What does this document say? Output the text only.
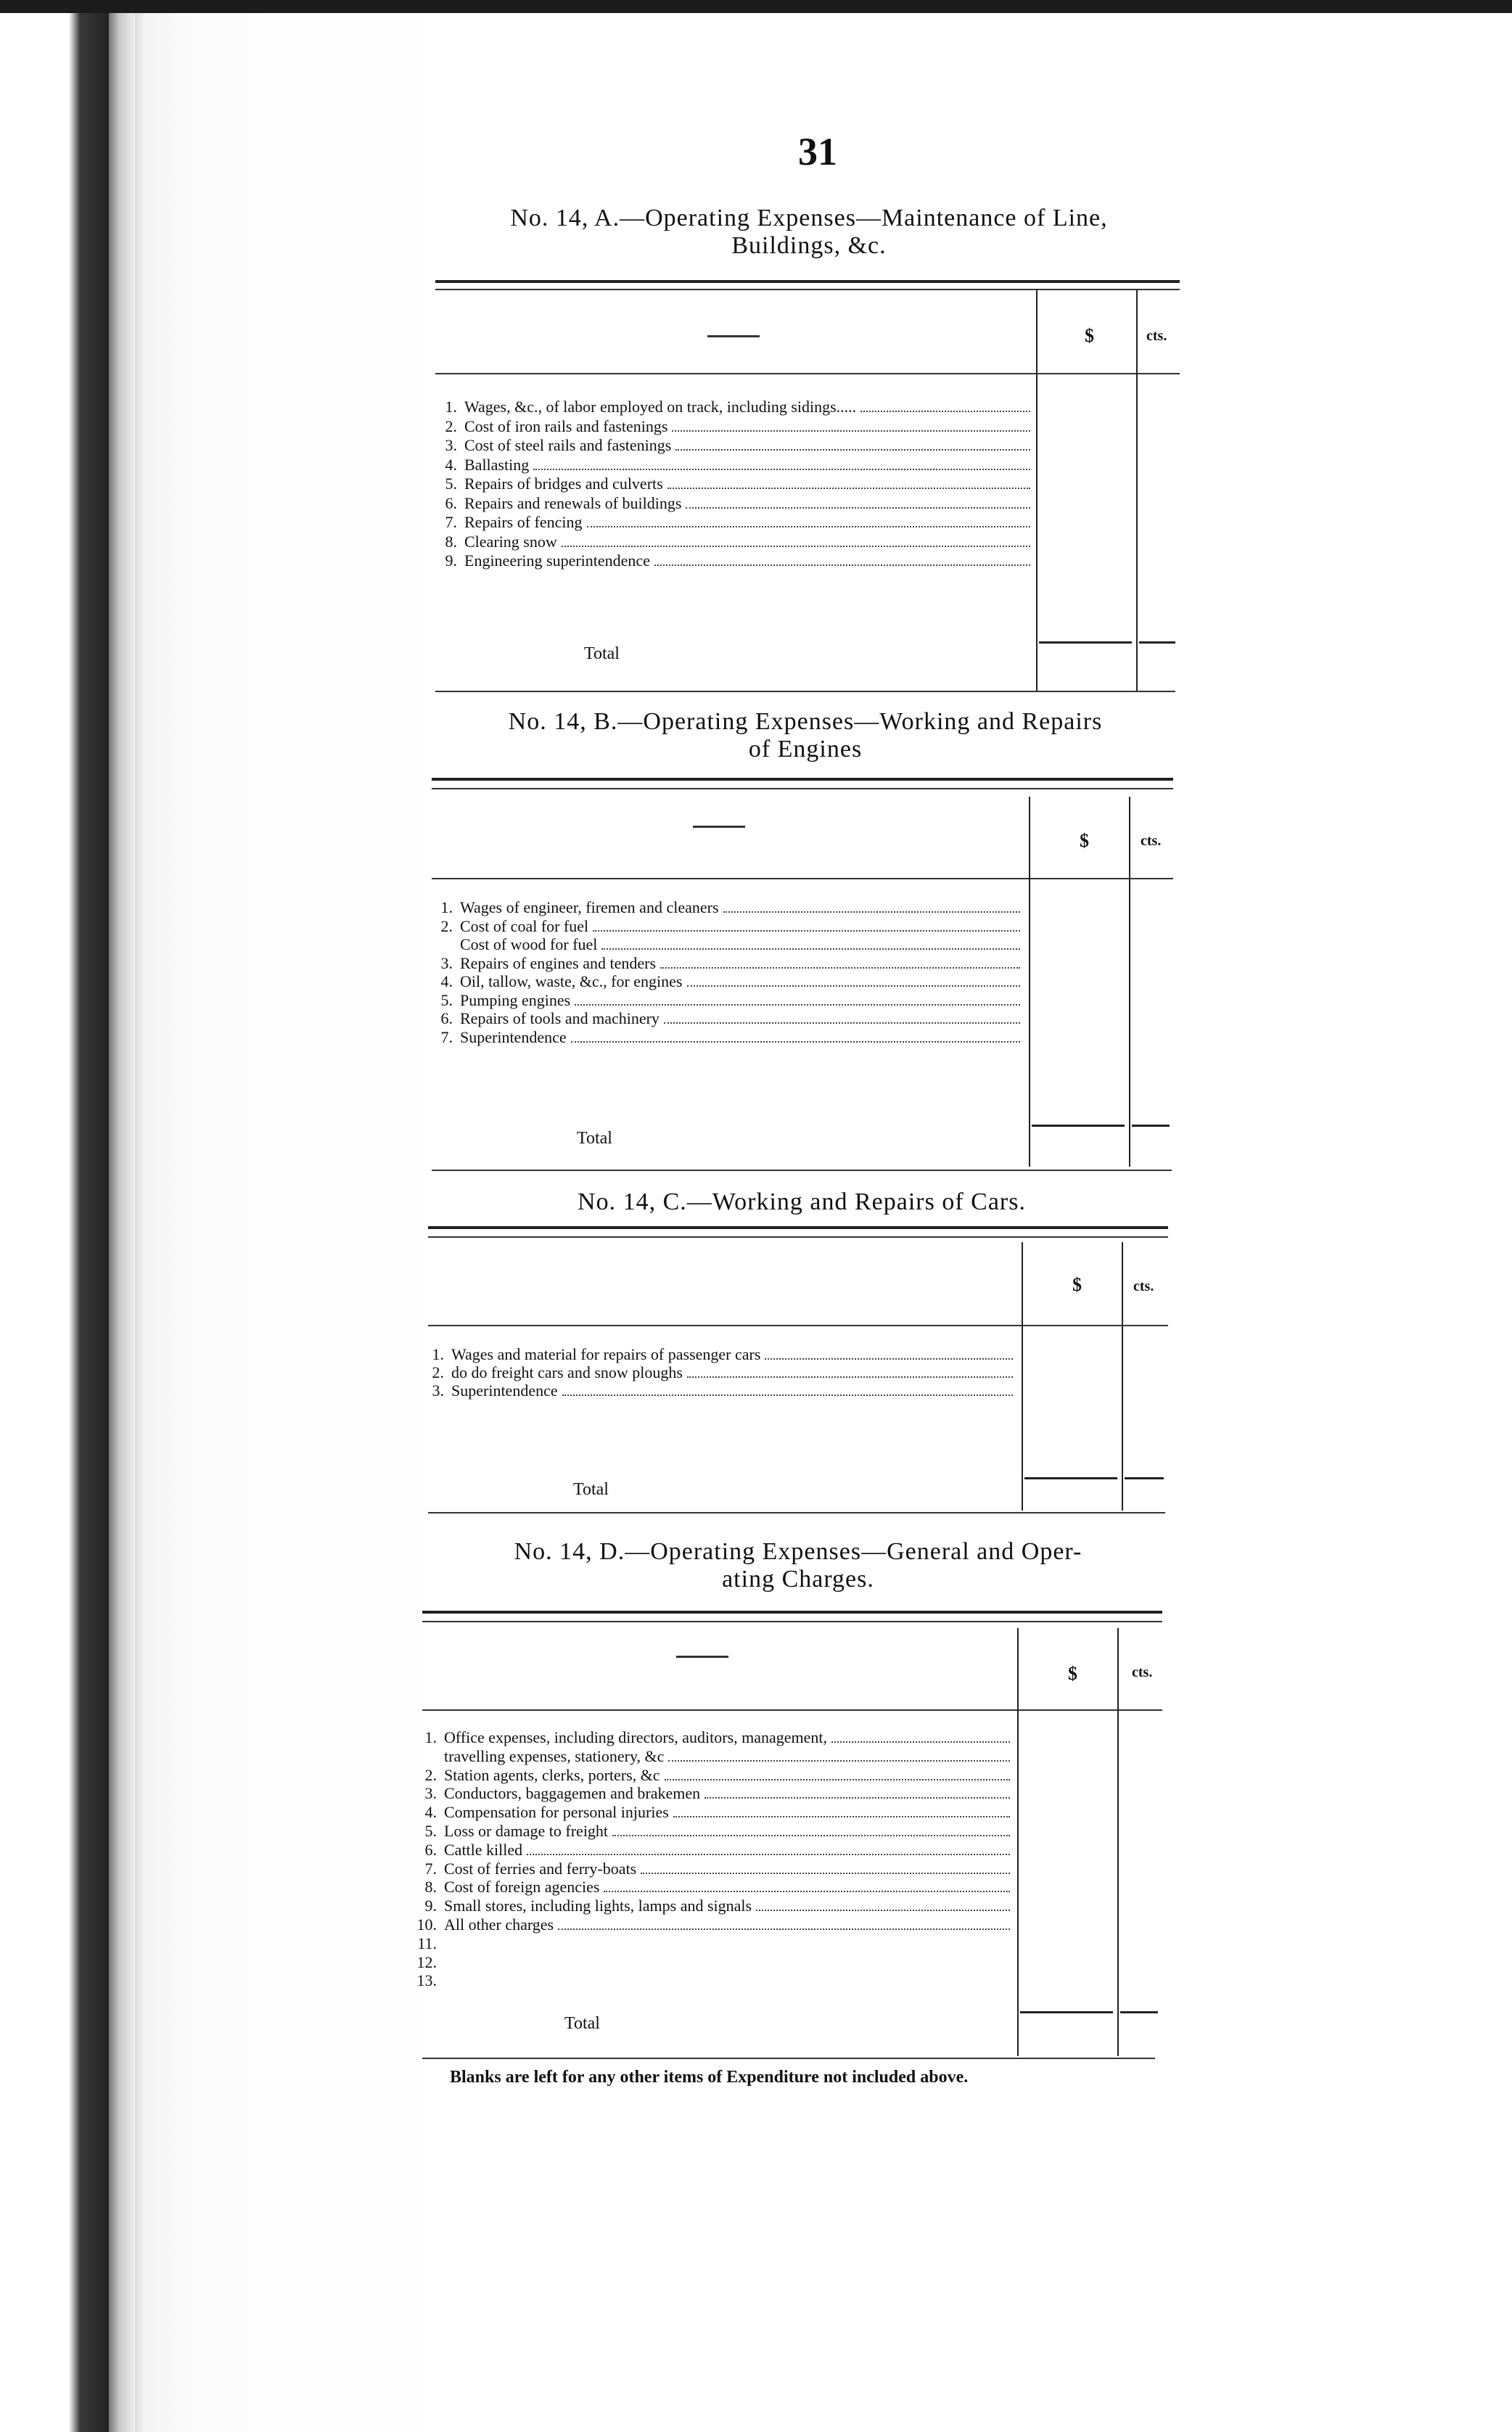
31
No. 14, A.—Operating Expenses—Maintenance of Line,
Buildings, &c.
$	cts.
1. Wages, &c., of labor employed on track, including sidings.....
2. Cost of iron rails and fastenings
3. Cost of steel rails and fastenings
4. Ballasting
5. Repairs of bridges and culverts
6. Repairs and renewals of buildings
7. Repairs of fencing
8. Clearing snow
9. Engineering superintendence
Total
No. 14, B.—Operating Expenses—Working and Repairs
of Engines
$	cts.
1. Wages of engineer, firemen and cleaners
2. Cost of coal for fuel
Cost of wood for fuel
3. Repairs of engines and tenders
4. Oil, tallow, waste, &c., for engines
5. Pumping engines
6. Repairs of tools and machinery
7. Superintendence
Total
No. 14, C.—Working and Repairs of Cars.
$	cts.
1. Wages and material for repairs of passenger cars
2. do do freight cars and snow ploughs
3. Superintendence
Total
No. 14, D.—Operating Expenses—General and Oper-
ating Charges.
$	cts.
1. Office expenses, including directors, auditors, management,
travelling expenses, stationery, &c
2. Station agents, clerks, porters, &c
3. Conductors, baggagemen and brakemen
4. Compensation for personal injuries
5. Loss or damage to freight
6. Cattle killed
7. Cost of ferries and ferry-boats
8. Cost of foreign agencies
9. Small stores, including lights, lamps and signals
10. All other charges
11.
12.
13.
Total
Blanks are left for any other items of Expenditure not included above.
